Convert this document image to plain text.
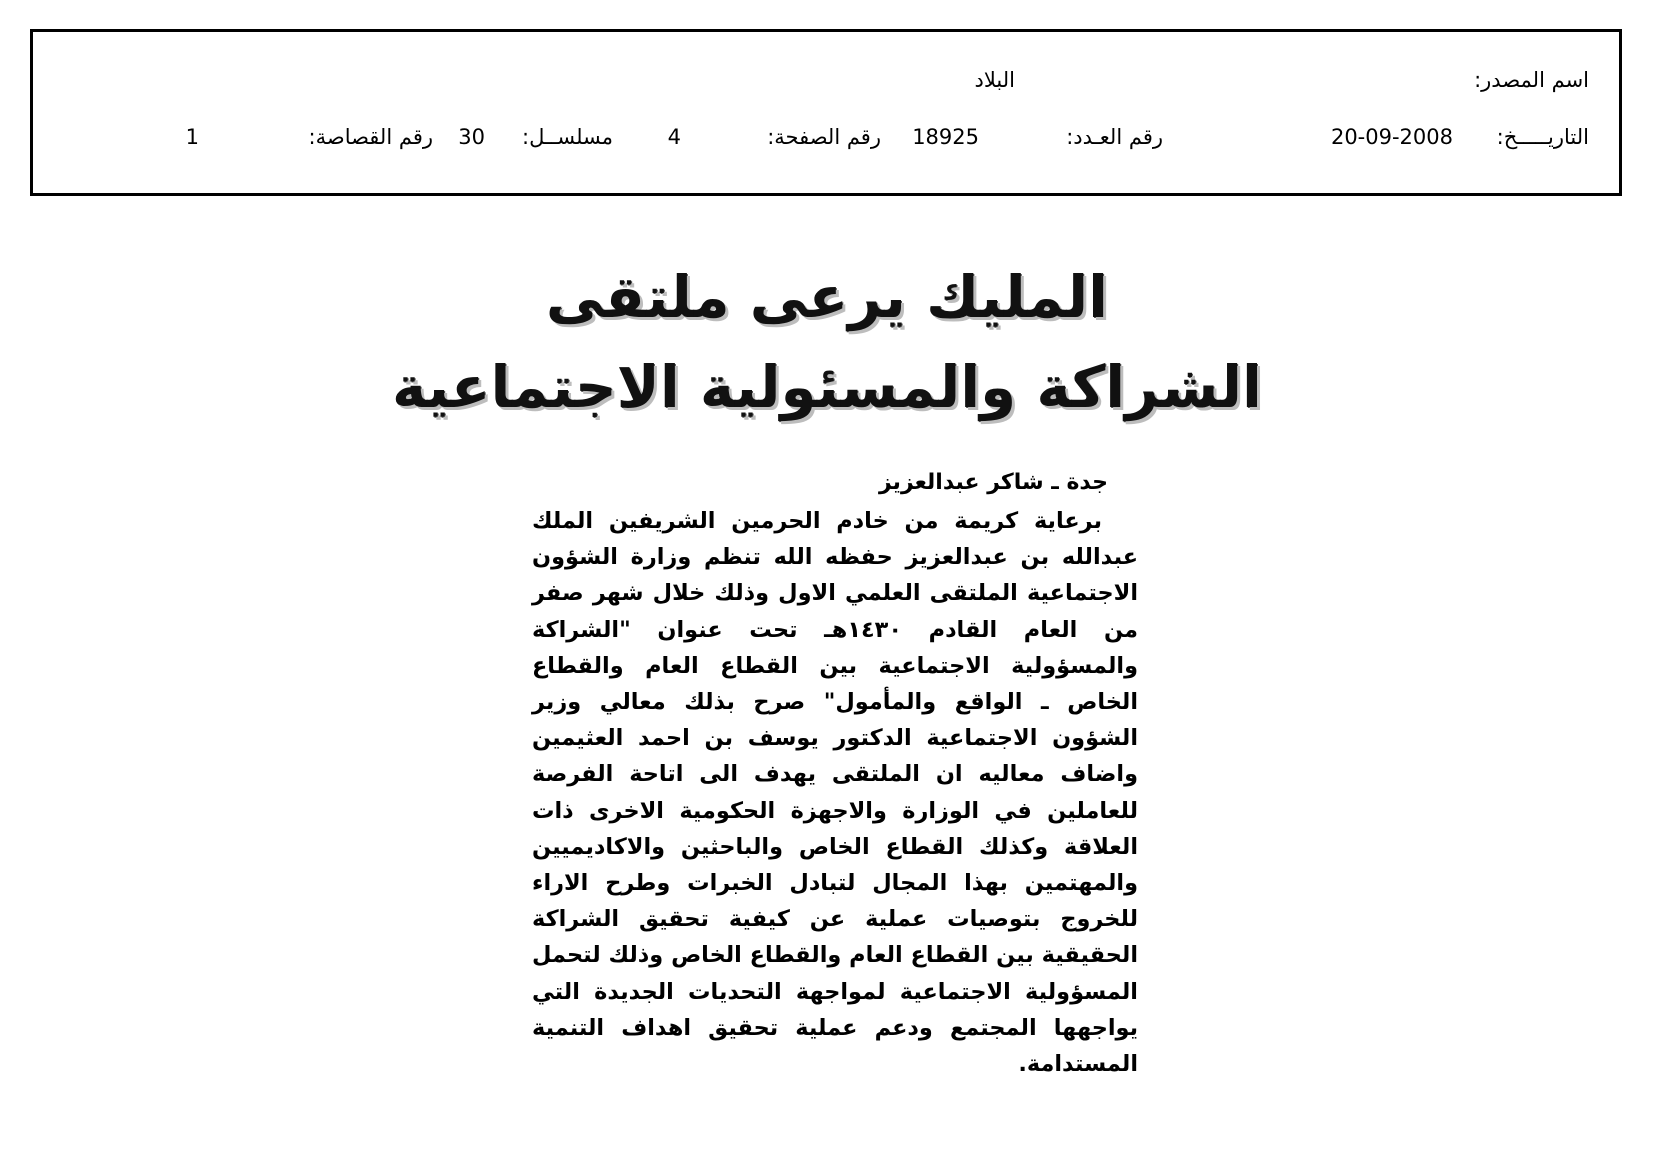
اسم المصدر:
البلاد
التاريـــــخ:
20-09-2008
رقم العـدد:
18925
رقم الصفحة:
4
مسلســل:
30
رقم القصاصة:
1
المليك يرعى ملتقى
الشراكة والمسئولية الاجتماعية
جدة ـ شاكر عبدالعزيز

برعاية كريمة من خادم الحرمين الشريفين الملك عبدالله بن عبدالعزيز حفظه الله تنظم وزارة الشؤون الاجتماعية الملتقى العلمي الاول وذلك خلال شهر صفر من العام القادم ١٤٣٠هـ تحت عنوان "الشراكة والمسؤولية الاجتماعية بين القطاع العام والقطاع الخاص ـ الواقع والمأمول" صرح بذلك معالي وزير الشؤون الاجتماعية الدكتور يوسف بن احمد العثيمين واضاف معاليه ان الملتقى يهدف الى اتاحة الفرصة للعاملين في الوزارة والاجهزة الحكومية الاخرى ذات العلاقة وكذلك القطاع الخاص والباحثين والاكاديميين والمهتمين بهذا المجال لتبادل الخبرات وطرح الاراء للخروج بتوصيات عملية عن كيفية تحقيق الشراكة الحقيقية بين القطاع العام والقطاع الخاص وذلك لتحمل المسؤولية الاجتماعية لمواجهة التحديات الجديدة التي يواجهها المجتمع ودعم عملية تحقيق اهداف التنمية المستدامة.
